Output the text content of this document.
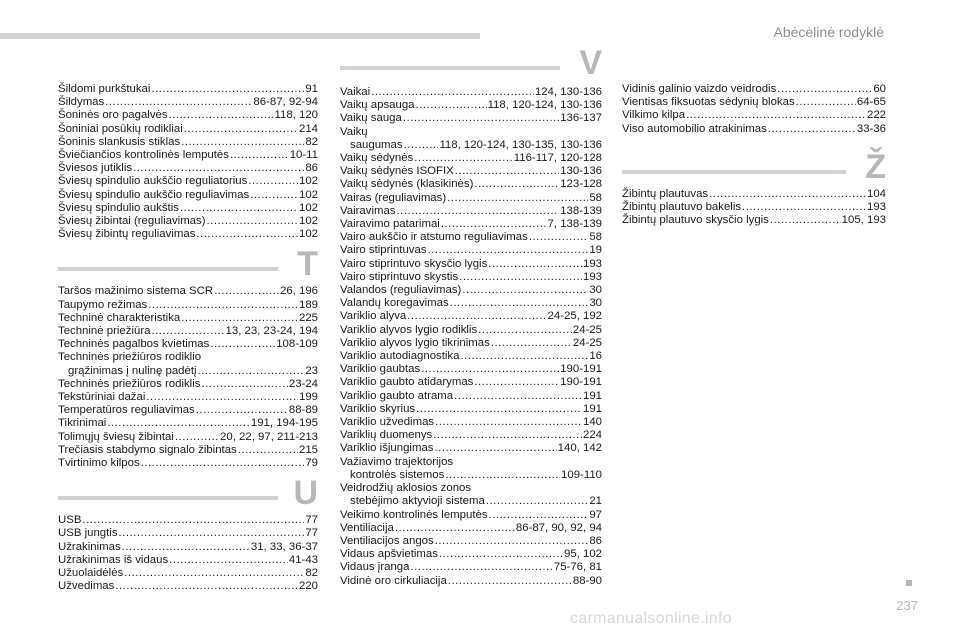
Abėcėlinė rodyklė
Šildomi purkštukai .....	91
Šildymas .....	86-87, 92-94
Šoninės oro pagalvės .....	118, 120
Šoniniai posūkių rodikliai .....	214
Šoninis slankusis stiklas .....	82
Šviečiančios kontrolinės lemputės .....	10-11
Šviesos jutiklis .....	86
Šviesų spindulio aukščio reguliatorius .....	102
Šviesų spindulio aukščio reguliavimas .....	102
Šviesų spindulio aukštis .....	102
Šviesų žibintai (reguliavimas) .....	102
Šviesų žibintų reguliavimas .....	102
T
Taršos mažinimo sistema SCR .....	26, 196
Taupymo režimas .....	189
Techninė charakteristika .....	225
Techninė priežiūra .....	13, 23, 23-24, 194
Techninės pagalbos kvietimas .....	108-109
Techninės priežiūros rodiklio
grąžinimas į nulinę padėtį .....	23
Techninės priežiūros rodiklis .....	23-24
Tekstūriniai dažai .....	199
Temperatūros reguliavimas .....	88-89
Tikrinimai .....	191, 194-195
Tolimųjų šviesų žibintai .....	20, 22, 97, 211-213
Trečiasis stabdymo signalo žibintas .....	215
Tvirtinimo kilpos .....	79
U
USB .....	77
USB jungtis .....	77
Užrakinimas .....	31, 33, 36-37
Užrakinimas iš vidaus .....	41-43
Užuolaidėlės .....	82
Užvedimas .....	220
V
Vaikai .....	124, 130-136
Vaikų apsauga .....	118, 120-124, 130-136
Vaikų sauga .....	136-137
Vaikų
saugumas .....	118, 120-124, 130-135, 130-136
Vaikų sėdynės .....	116-117, 120-128
Vaikų sėdynės ISOFIX .....	130-136
Vaikų sėdynės (klasikinės) .....	123-128
Vairas (reguliavimas) .....	58
Vairavimas .....	138-139
Vairavimo patarimai .....	7, 138-139
Vairo aukščio ir atstumo reguliavimas .....	58
Vairo stiprintuvas .....	19
Vairo stiprintuvo skysčio lygis .....	193
Vairo stiprintuvo skystis .....	193
Valandos (reguliavimas) .....	30
Valandų koregavimas .....	30
Variklio alyva .....	24-25, 192
Variklio alyvos lygio rodiklis .....	24-25
Variklio alyvos lygio tikrinimas .....	24-25
Variklio autodiagnostika .....	16
Variklio gaubtas .....	190-191
Variklio gaubto atidarymas .....	190-191
Variklio gaubto atrama .....	191
Variklio skyrius .....	191
Variklio užvedimas .....	140
Variklių duomenys .....	224
Variklio išjungimas .....	140, 142
Važiavimo trajektorijos
kontrolės sistemos .....	109-110
Veidrodžių aklosios zonos
stebėjimo aktyvioji sistema .....	21
Veikimo kontrolinės lemputės .....	97
Ventiliacija .....	86-87, 90, 92, 94
Ventiliacijos angos .....	86
Vidaus apšvietimas .....	95, 102
Vidaus įranga .....	75-76, 81
Vidinė oro cirkuliacija .....	88-90
Vidinis galinio vaizdo veidrodis .....	60
Vientisas fiksuotas sėdynių blokas .....	64-65
Vilkimo kilpa .....	222
Viso automobilio atrakinimas .....	33-36
Ž
Žibintų plautuvas .....	104
Žibintų plautuvo bakelis .....	193
Žibintų plautuvo skysčio lygis .....	105, 193
237
carmanualsonline.info
